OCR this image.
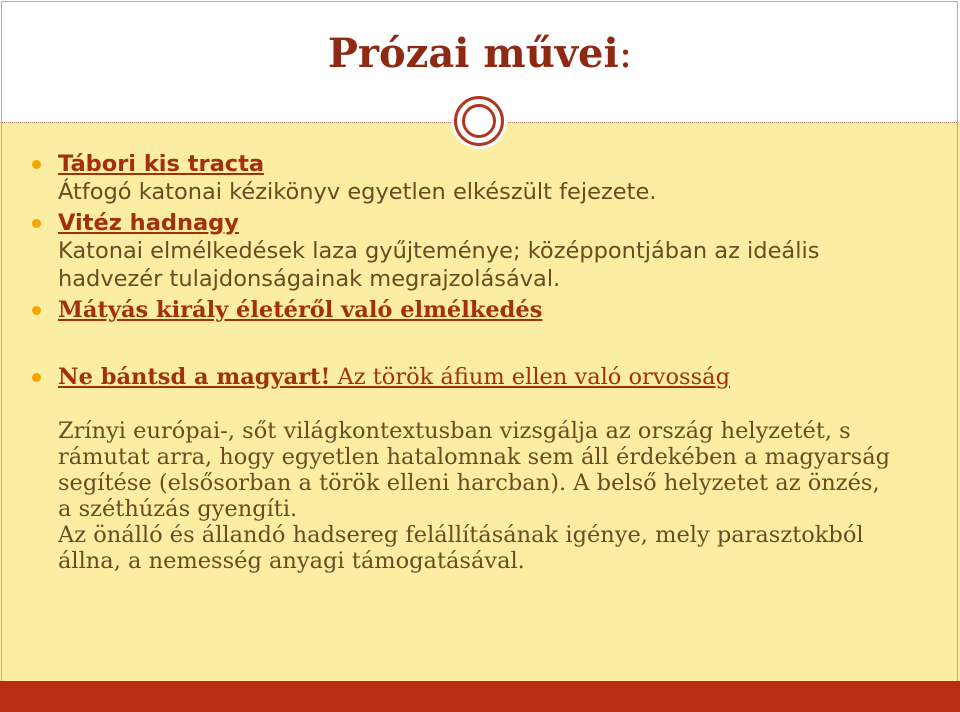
Prózai művei:
Tábori kis tracta
Átfogó katonai kézikönyv egyetlen elkészült fejezete.
Vitéz hadnagy
Katonai elmélkedések laza gyűjteménye; középpontjában az ideális
hadvezér tulajdonságainak megrajzolásával.
Mátyás király életéről való elmélkedés
Ne bántsd a magyart! Az török áfium ellen való orvosság
Zrínyi európai-, sőt világkontextusban vizsgálja az ország helyzetét, s
rámutat arra, hogy egyetlen hatalomnak sem áll érdekében a magyarság
segítése (elsősorban a török elleni harcban). A belső helyzetet az önzés,
a széthúzás gyengíti.
Az önálló és állandó hadsereg felállításának igénye, mely parasztokból
állna, a nemesség anyagi támogatásával.
